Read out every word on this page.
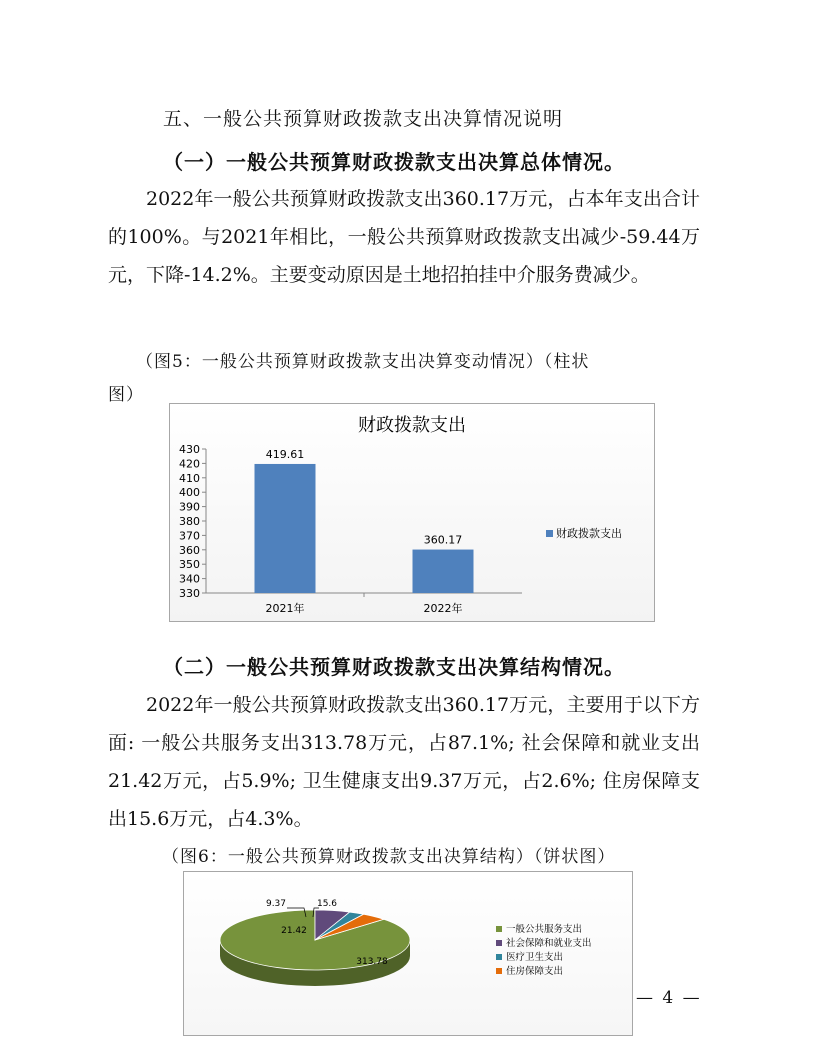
五、一般公共预算财政拨款支出决算情况说明
（一）一般公共预算财政拨款支出决算总体情况。

2022年一般公共预算财政拨款支出360.17万元，占本年支出合计的100%。与2021年相比，一般公共预算财政拨款支出减少-59.44万元，下降-14.2%。主要变动原因是土地招拍挂中介服务费减少。

（图5：一般公共预算财政拨款支出决算变动情况）（柱状
图）
财政拨款支出
330
340
350
360
370
380
390
400
410
420
430	419.61
2021年
360.17
2022年
财政拨款支出
（二）一般公共预算财政拨款支出决算结构情况。

2022年一般公共预算财政拨款支出360.17万元，主要用于以下方面: 一般公共服务支出313.78万元，占87.1%; 社会保障和就业支出21.42万元，占5.9%; 卫生健康支出9.37万元，占2.6%; 住房保障支出15.6万元，占4.3%。

（图6：一般公共预算财政拨款支出决算结构）（饼状图）
313.78
21.42
9.37	15.6
一般公共服务支出
社会保障和就业支出
医疗卫生支出
住房保障支出
— 4 —
